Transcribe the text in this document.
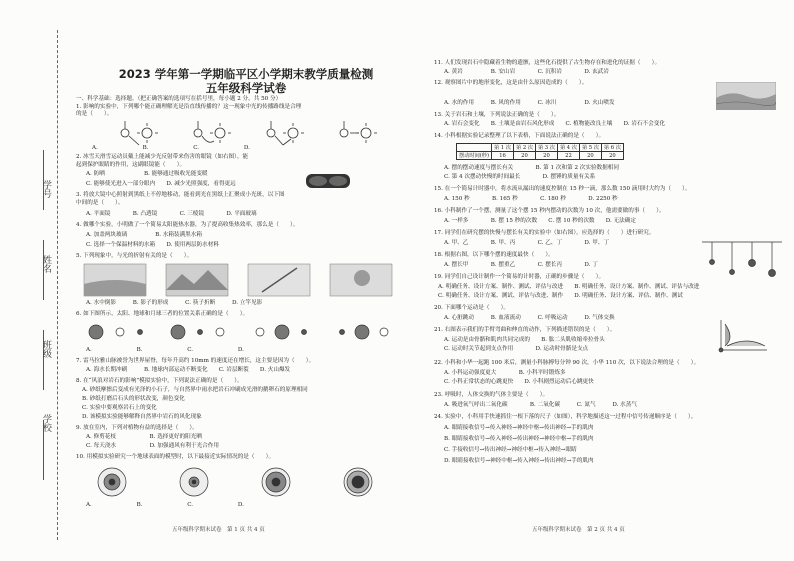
学号
姓名
班级
学校
2023 学年第一学期临平区小学期末教学质量检测
五年级科学试卷
一、科学基础：选择题。（把正确答案的选项写在括号里，每小题 2 分，共 50 分）
1. 影响的实验中，下列哪个能正确理解光是沿直线传播的？这一现象中光的传播路线是合理
的是（　　）。
A.　　　　　　　　B.　　　　　　　　C.　　　　　　　　D.
2. 冰雪天滑雪运动员戴上能减少光反射带来伤害的眼镜（如右图），能
起到保护眼睛的作用，这副眼镜能（　　）。
A. 防晒　　　　　　　B. 能够通过吸收光能变暖
C. 能够使光进入一部分眼内　　D. 减少光照强度，看得更远
3. 将放大镜中心照射到黑纸上不停地移动，能看到光在黑纸上汇聚成小光斑，以下图
中间的是（　　）。
A. 平面镜　　　　B. 凸透镜　　　　C. 三棱镜　　　　D. 平面玻璃
4. 做哪个实验，小明做了一个简易太阳能热水器，为了提高收集热效率，那么是（　　）。
A. 加盖两块玻璃　　　　　B. 水箱装满黑水箱
C. 选择一个保温材料的水箱　　D. 使用两层防水材料
5. 下列现象中，与光的折射有关的是（　　）。
A. 水中倒影　　　B. 影子的形成　　　C. 筷子折断　　　D. 立竿见影
6. 如下图所示，太阳、地球和月球三者的位置关系正确的是（　　）。
A.　　　　　　　　B.　　　　　　　　C.　　　　　　　　D.
7. 雷马拉雅山脉被誉为世界屋脊，每年升高约 10mm 的速度还在增长，这主要是因为（　　）。
A. 海水长期冲刷　　　B. 地球内部运动不断变化　　C. 岩层断裂　　D. 火山爆发
8. 在“风浪对岩石的影响”模拟实验中，下列说法正确的是（　　）。
A. 砂纸摩擦后变成有光泽的小石子，与自然界中雨水把岩石冲刷成光滑的鹅卵石的原理相同
B. 砂纸打磨后石头的形状改变，颜色变化
C. 实验中要观察岩石上的变化
D. 该模拟实验能够解释自然界中岩石的风化现象
9. 放在室内，下列对植物有益的选择是（　　）。
A. 修剪花枝　　　　　　B. 选择更好的阳光晒
C. 每天浇水　　　　　　D. 加强通风有利于光合作用
10. 用模拟实验研究一个地球表面的模型时，以下最接近实际情况的是（　　）。
A.　　　　　　　　B.　　　　　　　　C.　　　　　　　　D.
五年级科学期末试卷　第 1 页 共 4 页
11. 人们发现岩石中隐藏着生物的遗骸，这些化石提供了古生物存在和进化的证据（　　）。
A. 黄岩　　　　　B. 安山岩　　　　C. 沉积岩　　　　D. 玄武岩
12. 观察图片中的地形变化，这是由什么原因造成的（　　）。
A. 水的作用　　　B. 风的作用　　　C. 冰川　　　　　D. 火山喷发
13. 关于岩石和土壤，下列说法正确的是（　　）。
A. 岩石会变化　　B. 土壤是由岩石风化形成　　C. 植物能改良土壤　　D. 岩石不会变化
14. 小科根据实验记录整理了以下表格，下面说法正确的是（　　）。
	第 1 次	第 2 次	第 3 次	第 4 次	第 5 次	第 6 次
摆动时间(秒)	16	20	20	22	20	20
A. 摆的摆动速度与摆长有关　　　　B. 第 1 次和第 2 次实验数据相同
C. 第 4 次摆动快慢的时间最长　　　　D. 摆锤的质量有关系
15. 在一个简易计时器中，将水流从漏出的速度控制在 15 秒一滴，那么数 150 滴用时大约为（　　）。
A. 150 秒　　　　B. 165 秒　　　　C. 180 秒　　　　D. 2250 秒
16. 小科制作了一个摆，测量了这个摆 15 秒内摆动的次数为 10 次，他需要做的事（　　）。
A. 一样多　　　　B. 摆 15 秒的次数　　C. 摆 10 秒的次数　　D. 无法确定
17. 同学们在研究摆的快慢与摆长有关的实验中（如右图），应选择的（　　）进行研究。
A. 甲、乙　　　　B. 甲、丙　　　　C. 乙、丁　　　　D. 甲、丁
18. 根据右图，以下哪个摆的速度最快（　　）。
A. 摆长甲　　　　B. 摆重乙　　　　C. 摆长丙　　　　D. 丁
19. 同学们自己设计制作一个简易的计时器，正确的步骤是（　　）。
A. 明确任务、设计方案、制作、测试、评估与改进　　B. 明确任务、设计方案、制作、测试、评估与改进
C. 明确任务、设计方案、测试、评估与改进、制作　　D. 明确任务、设计方案、评估、制作、测试
20. 下面哪个运动是（　　）。
A. 心脏跳动　　　B. 血液流动　　　C. 呼吸运动　　　D. 气体交换
21. 右图表示我们的手臂弯曲和伸直的动作，下列描述错误的是（　　）。
A. 运动是由骨骼和肌肉共同完成的　　B. 肱二头肌收缩牵拉骨头
C. 运动时关节起到支点作用　　　　D. 运动时骨骼是支点
22. 小科和小华一起跑 100 米后，测量小科脉搏每分钟 90 次，小华 110 次，以下说法合理的是（　　）。
A. 小科运动强度更大　　　　B. 小科平时锻炼多
C. 小科正常状态的心跳更快　　D. 小科剧烈运动后心跳更快
23. 呼吸时，人体交换的气体主要是（　　）。
A. 吸进氧气呼出二氧化碳　　　　B. 二氧化碳　　　C. 氮气　　　D. 水蒸气
24. 实验中，小科用手快速抓住一根下落的尺子（如图），科学地描述这一过程中信号传递顺序是（　　）。
A. 眼睛接收信号→传入神经→神经中枢→传出神经→手的肌肉
B. 眼睛接收信号→传入神经→传出神经→神经中枢→手的肌肉
C. 手接收信号→传出神经→神经中枢→传入神经→眼睛
D. 眼睛接收信号→神经中枢→传入神经→传出神经→手的肌肉
五年级科学期末试卷　第 2 页 共 4 页
